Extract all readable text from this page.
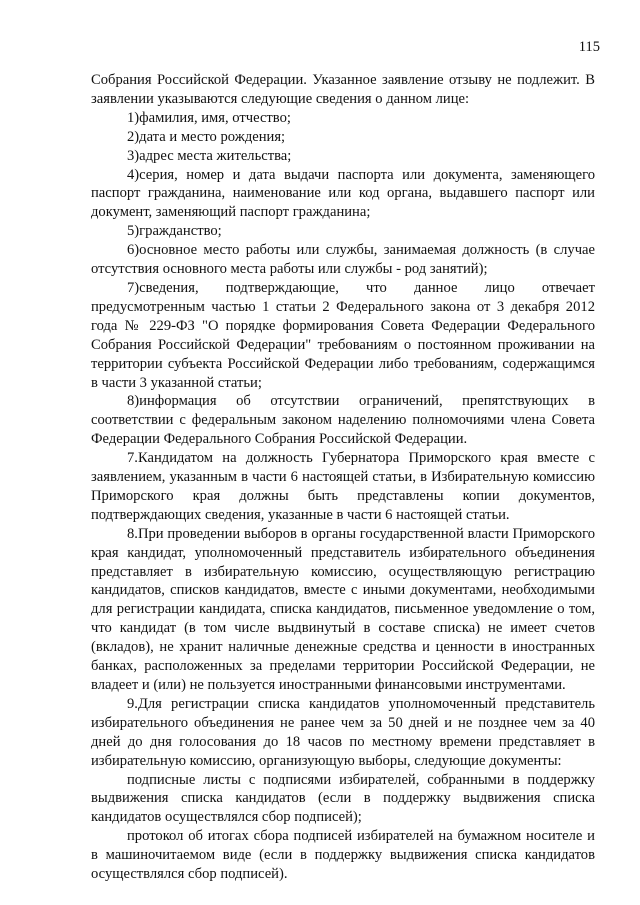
115

Собрания Российской Федерации. Указанное заявление отзыву не подлежит. В заявлении указываются следующие сведения о данном лице:

1)фамилия, имя, отчество;

2)дата и место рождения;

3)адрес места жительства;

4)серия, номер и дата выдачи паспорта или документа, заменяющего паспорт гражданина, наименование или код органа, выдавшего паспорт или документ, заменяющий паспорт гражданина;

5)гражданство;

6)основное место работы или службы, занимаемая должность (в случае отсутствия основного места работы или службы - род занятий);

7)сведения, подтверждающие, что данное лицо отвечает предусмотренным частью 1 статьи 2 Федерального закона от 3 декабря 2012 года № 229-ФЗ "О порядке формирования Совета Федерации Федерального Собрания Российской Федерации" требованиям о постоянном проживании на территории субъекта Российской Федерации либо требованиям, содержащимся в части 3 указанной статьи;

8)информация об отсутствии ограничений, препятствующих в соответствии с федеральным законом наделению полномочиями члена Совета Федерации Федерального Собрания Российской Федерации.

7.Кандидатом на должность Губернатора Приморского края вместе с заявлением, указанным в части 6 настоящей статьи, в Избирательную комиссию Приморского края должны быть представлены копии документов, подтверждающих сведения, указанные в части 6 настоящей статьи.

8.При проведении выборов в органы государственной власти Приморского края кандидат, уполномоченный представитель избирательного объединения представляет в избирательную комиссию, осуществляющую регистрацию кандидатов, списков кандидатов, вместе с иными документами, необходимыми для регистрации кандидата, списка кандидатов, письменное уведомление о том, что кандидат (в том числе выдвинутый в составе списка) не имеет счетов (вкладов), не хранит наличные денежные средства и ценности в иностранных банках, расположенных за пределами территории Российской Федерации, не владеет и (или) не пользуется иностранными финансовыми инструментами.

9.Для регистрации списка кандидатов уполномоченный представитель избирательного объединения не ранее чем за 50 дней и не позднее чем за 40 дней до дня голосования до 18 часов по местному времени представляет в избирательную комиссию, организующую выборы, следующие документы:

подписные листы с подписями избирателей, собранными в поддержку выдвижения списка кандидатов (если в поддержку выдвижения списка кандидатов осуществлялся сбор подписей);

протокол об итогах сбора подписей избирателей на бумажном носителе и в машиночитаемом виде (если в поддержку выдвижения списка кандидатов осуществлялся сбор подписей).
